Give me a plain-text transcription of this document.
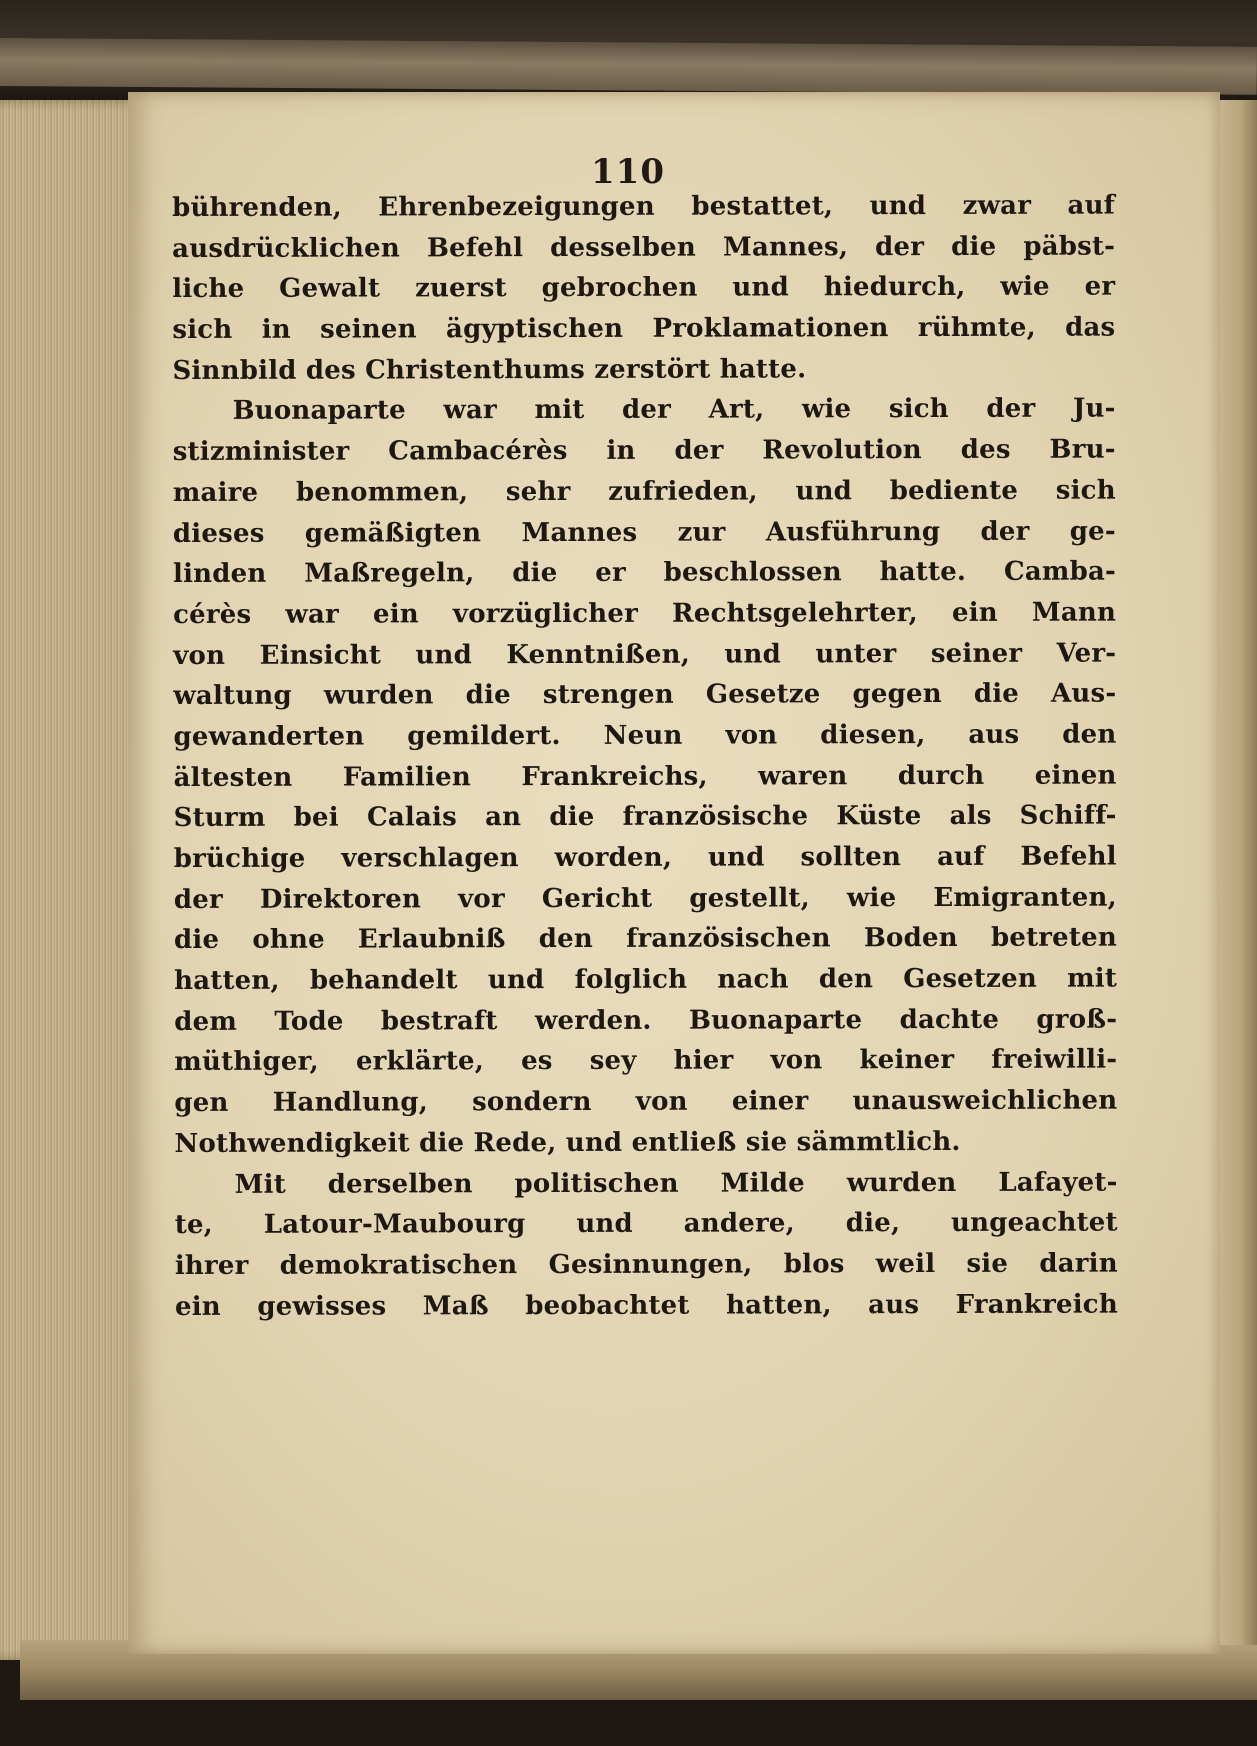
110
bührenden, Ehrenbezeigungen bestattet, und zwar auf
ausdrücklichen Befehl desselben Mannes, der die päbst-
liche Gewalt zuerst gebrochen und hiedurch, wie er
sich in seinen ägyptischen Proklamationen rühmte, das
Sinnbild des Christenthums zerstört hatte.
Buonaparte war mit der Art, wie sich der Ju-
stizminister Cambacérès in der Revolution des Bru-
maire benommen, sehr zufrieden, und bediente sich
dieses gemäßigten Mannes zur Ausführung der ge-
linden Maßregeln, die er beschlossen hatte. Camba-
cérès war ein vorzüglicher Rechtsgelehrter, ein Mann
von Einsicht und Kenntnißen, und unter seiner Ver-
waltung wurden die strengen Gesetze gegen die Aus-
gewanderten gemildert. Neun von diesen, aus den
ältesten Familien Frankreichs, waren durch einen
Sturm bei Calais an die französische Küste als Schiff-
brüchige verschlagen worden, und sollten auf Befehl
der Direktoren vor Gericht gestellt, wie Emigranten,
die ohne Erlaubniß den französischen Boden betreten
hatten, behandelt und folglich nach den Gesetzen mit
dem Tode bestraft werden. Buonaparte dachte groß-
müthiger, erklärte, es sey hier von keiner freiwilli-
gen Handlung, sondern von einer unausweichlichen
Nothwendigkeit die Rede, und entließ sie sämmtlich.
Mit derselben politischen Milde wurden Lafayet-
te, Latour-Maubourg und andere, die, ungeachtet
ihrer demokratischen Gesinnungen, blos weil sie darin
ein gewisses Maß beobachtet hatten, aus Frankreich
